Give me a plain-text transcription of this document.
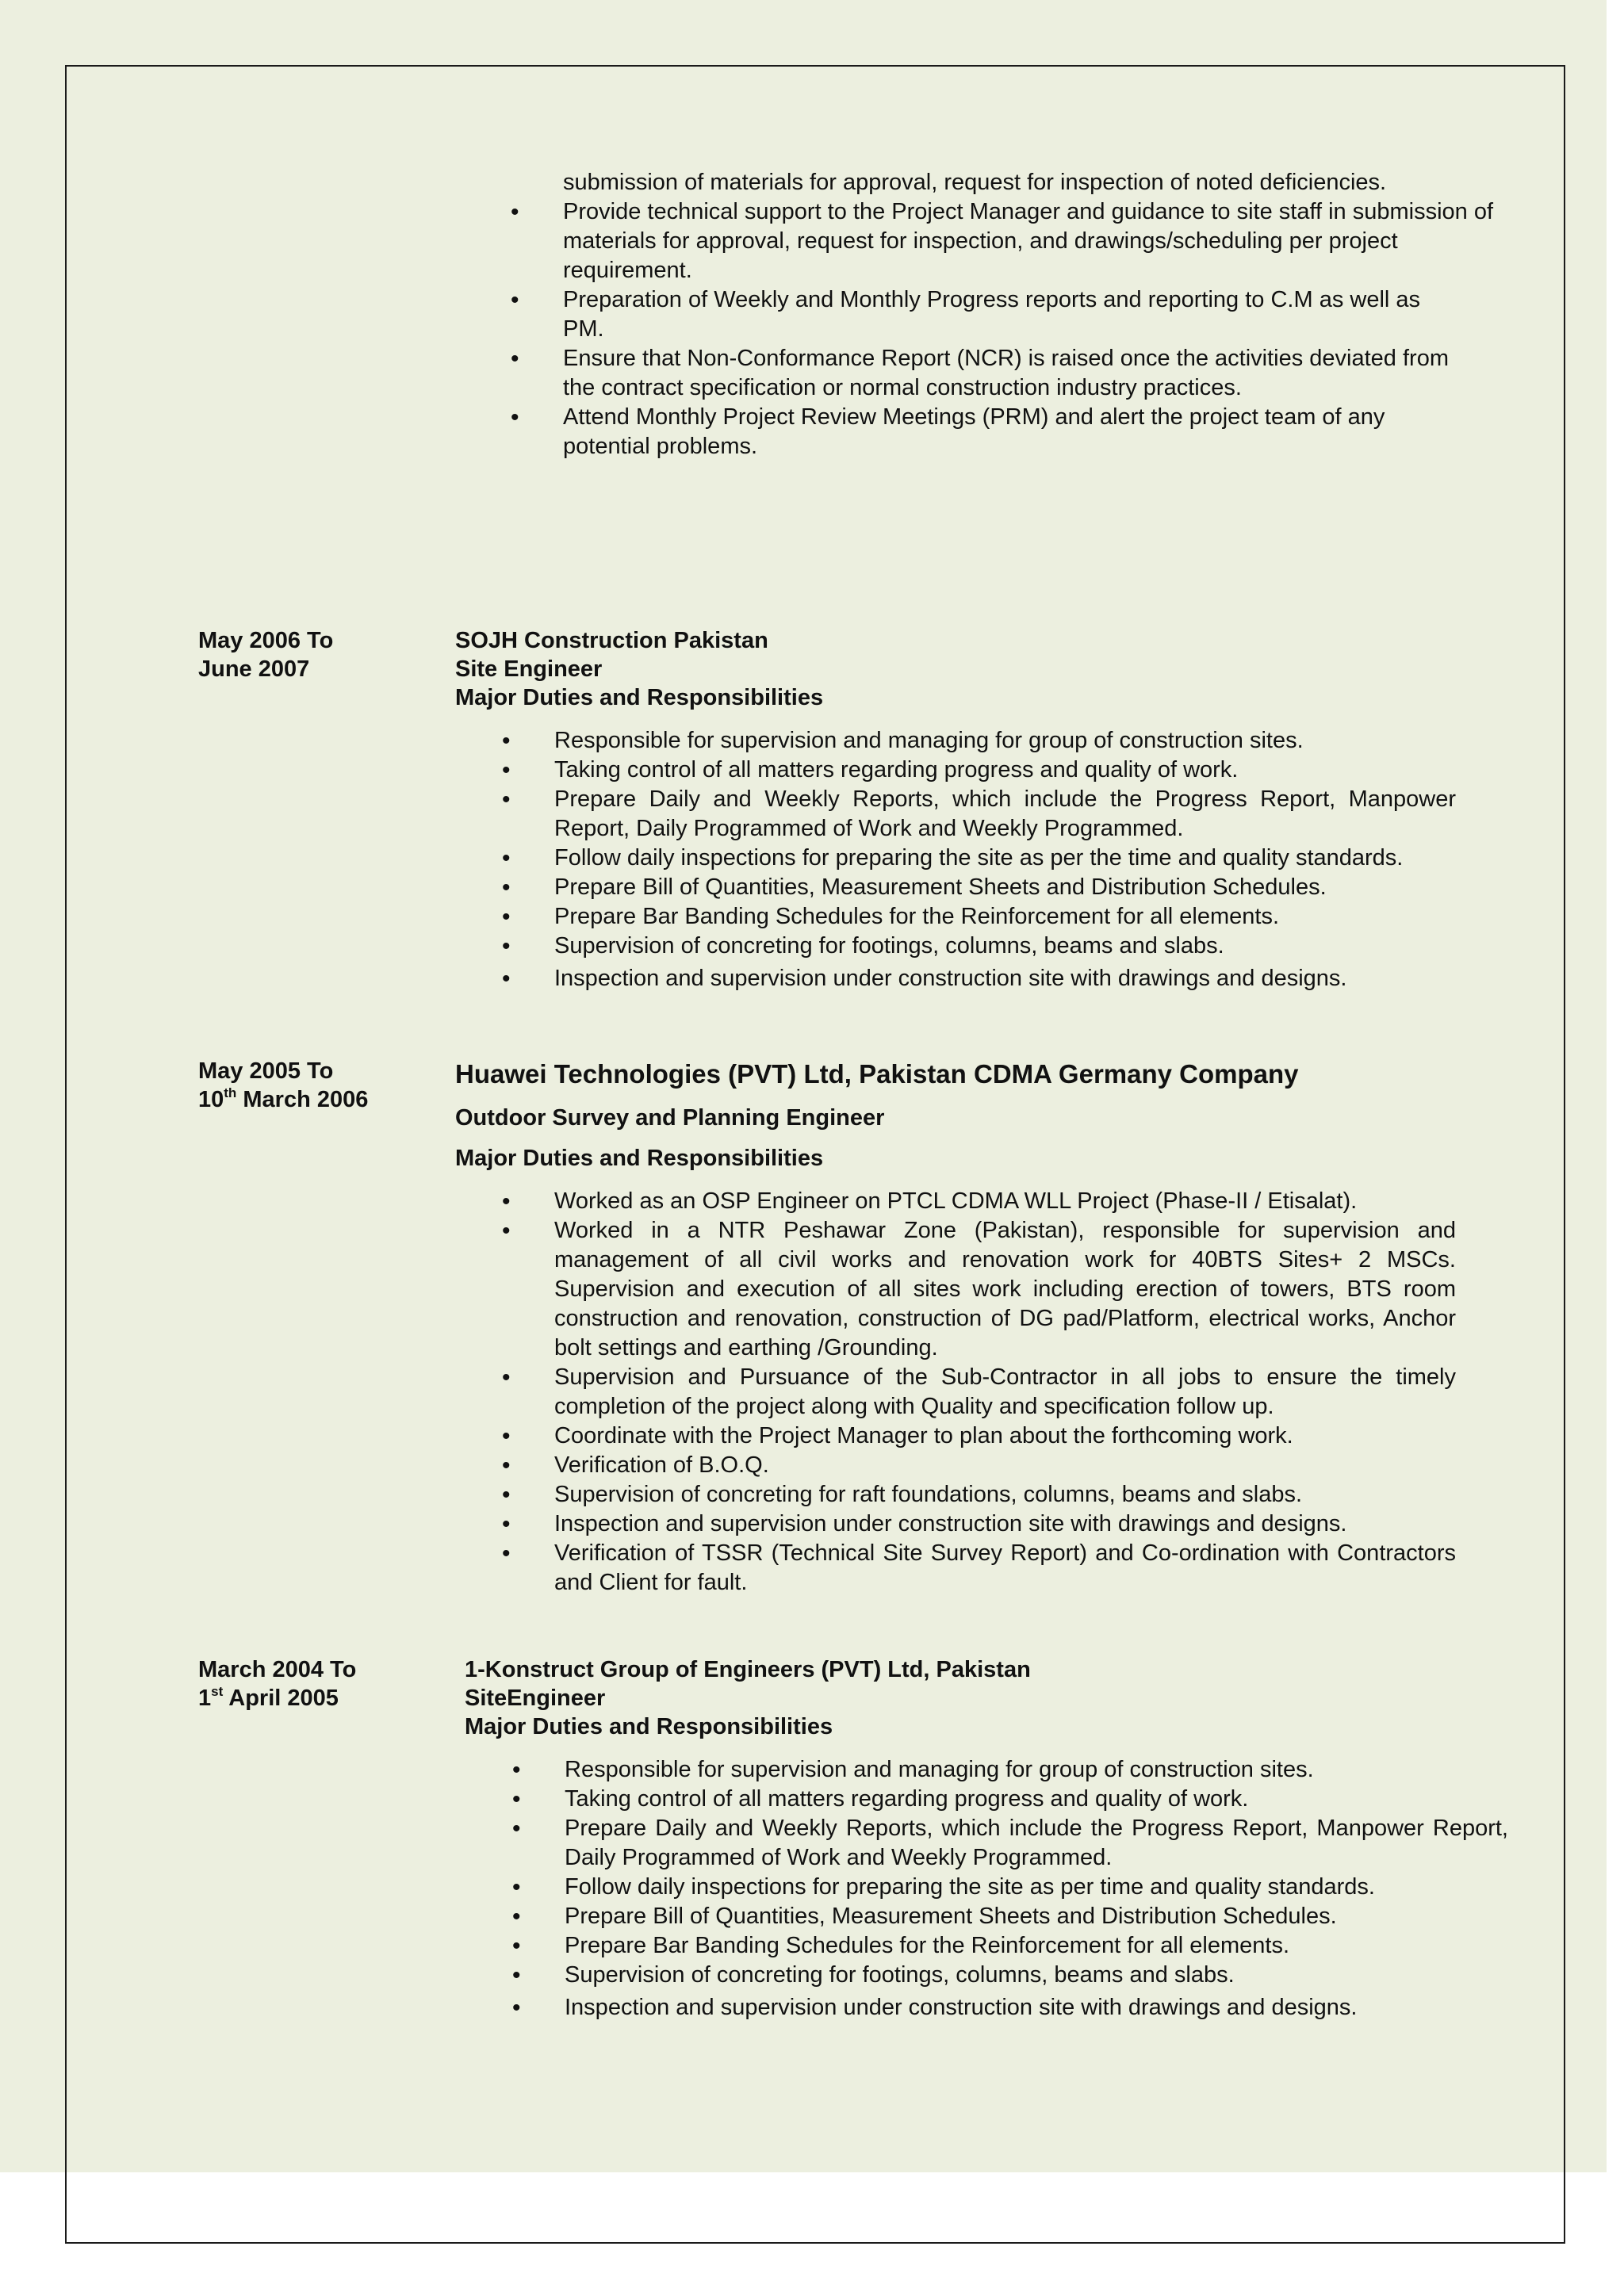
submission of materials for approval, request for inspection of noted deficiencies.
• Provide technical support to the Project Manager and guidance to site staff in submission of materials for approval, request for inspection, and drawings/scheduling per project requirement.
• Preparation of Weekly and Monthly Progress reports and reporting to C.M as well as PM.
• Ensure that Non-Conformance Report (NCR) is raised once the activities deviated from the contract specification or normal construction industry practices.
• Attend Monthly Project Review Meetings (PRM) and alert the project team of any potential problems.
May 2006 To
June 2007
SOJH Construction Pakistan
Site Engineer
Major Duties and Responsibilities
• Responsible for supervision and managing for group of construction sites.
• Taking control of all matters regarding progress and quality of work.
• Prepare Daily and Weekly Reports, which include the Progress Report, Manpower Report, Daily Programmed of Work and Weekly Programmed.
• Follow daily inspections for preparing the site as per the time and quality standards.
• Prepare Bill of Quantities, Measurement Sheets and Distribution Schedules.
• Prepare Bar Banding Schedules for the Reinforcement for all elements.
• Supervision of concreting for footings, columns, beams and slabs.
• Inspection and supervision under construction site with drawings and designs.
May 2005 To
10th March 2006
Huawei Technologies (PVT) Ltd, Pakistan CDMA Germany Company
Outdoor Survey and Planning Engineer
Major Duties and Responsibilities
• Worked as an OSP Engineer on PTCL CDMA WLL Project (Phase-II / Etisalat).
• Worked in a NTR Peshawar Zone (Pakistan), responsible for supervision and management of all civil works and renovation work for 40BTS Sites+ 2 MSCs. Supervision and execution of all sites work including erection of towers, BTS room construction and renovation, construction of DG pad/Platform, electrical works, Anchor bolt settings and earthing /Grounding.
• Supervision and Pursuance of the Sub-Contractor in all jobs to ensure the timely completion of the project along with Quality and specification follow up.
• Coordinate with the Project Manager to plan about the forthcoming work.
• Verification of B.O.Q.
• Supervision of concreting for raft foundations, columns, beams and slabs.
• Inspection and supervision under construction site with drawings and designs.
• Verification of TSSR (Technical Site Survey Report) and Co-ordination with Contractors and Client for fault.
March 2004 To
1st April 2005
1-Konstruct Group of Engineers (PVT) Ltd, Pakistan
SiteEngineer
Major Duties and Responsibilities
• Responsible for supervision and managing for group of construction sites.
• Taking control of all matters regarding progress and quality of work.
• Prepare Daily and Weekly Reports, which include the Progress Report, Manpower Report, Daily Programmed of Work and Weekly Programmed.
• Follow daily inspections for preparing the site as per time and quality standards.
• Prepare Bill of Quantities, Measurement Sheets and Distribution Schedules.
• Prepare Bar Banding Schedules for the Reinforcement for all elements.
• Supervision of concreting for footings, columns, beams and slabs.
• Inspection and supervision under construction site with drawings and designs.
